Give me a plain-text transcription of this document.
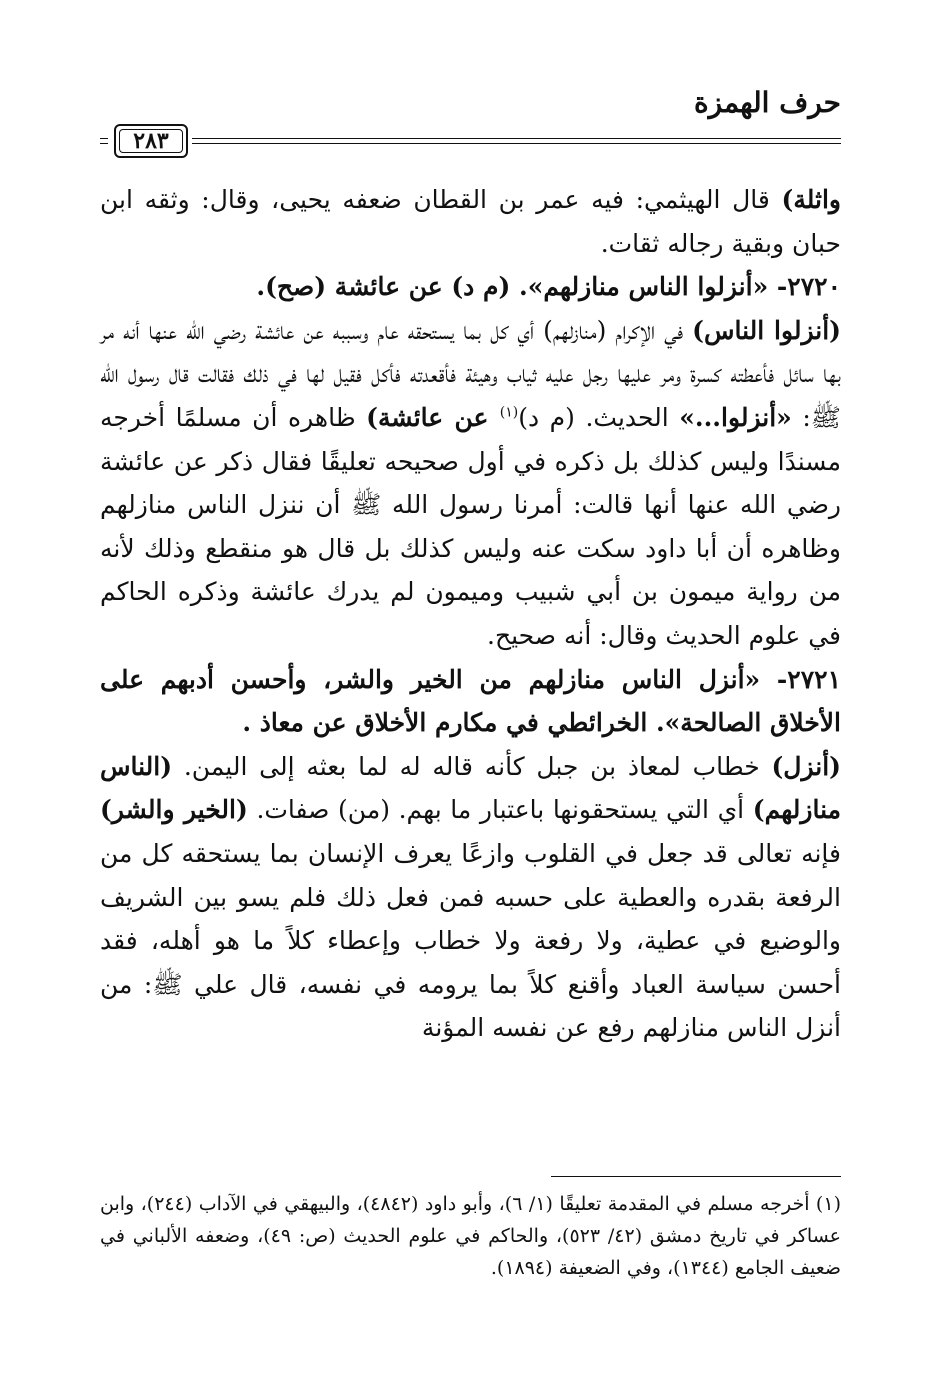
حرف الهمزة
٢٨٣

واثلة) قال الهيثمي: فيه عمر بن القطان ضعفه يحيى، وقال: وثقه ابن حبان وبقية رجاله ثقات.

٢٧٢٠- «أنزلوا الناس منازلهم». (م د) عن عائشة (صح).

(أنزلوا الناس) في الإكرام (منازلهم) أي كل بما يستحقه عام وسببه عن عائشة رضي الله عنها أنه مر بها سائل فأعطته كسرة ومر عليها رجل عليه ثياب وهيئة فأقعدته فأكل فقيل لها في ذلك فقالت قال رسول الله ﷺ: «أنزلوا...» الحديث. (م د)$^{(١)}$ عن عائشة) ظاهره أن مسلمًا أخرجه مسندًا وليس كذلك بل ذكره في أول صحيحه تعليقًا فقال ذكر عن عائشة رضي الله عنها أنها قالت: أمرنا رسول الله ﷺ أن ننزل الناس منازلهم وظاهره أن أبا داود سكت عنه وليس كذلك بل قال هو منقطع وذلك لأنه من رواية ميمون بن أبي شبيب وميمون لم يدرك عائشة وذكره الحاكم في علوم الحديث وقال: أنه صحيح.

٢٧٢١- «أنزل الناس منازلهم من الخير والشر، وأحسن أدبهم على الأخلاق الصالحة». الخرائطي في مكارم الأخلاق عن معاذ .

(أنزل) خطاب لمعاذ بن جبل كأنه قاله له لما بعثه إلى اليمن. (الناس منازلهم) أي التي يستحقونها باعتبار ما بهم. (من) صفات. (الخير والشر) فإنه تعالى قد جعل في القلوب وازعًا يعرف الإنسان بما يستحقه كل من الرفعة بقدره والعطية على حسبه فمن فعل ذلك فلم يسو بين الشريف والوضيع في عطية، ولا رفعة ولا خطاب وإعطاء كلاً ما هو أهله، فقد أحسن سياسة العباد وأقنع كلاً بما يرومه في نفسه، قال علي ﷺ: من أنزل الناس منازلهم رفع عن نفسه المؤنة

(١) أخرجه مسلم في المقدمة تعليقًا (١/ ٦)، وأبو داود (٤٨٤٢)، والبيهقي في الآداب (٢٤٤)، وابن عساكر في تاريخ دمشق (٤٢/ ٥٢٣)، والحاكم في علوم الحديث (ص: ٤٩)، وضعفه الألباني في ضعيف الجامع (١٣٤٤)، وفي الضعيفة (١٨٩٤).
